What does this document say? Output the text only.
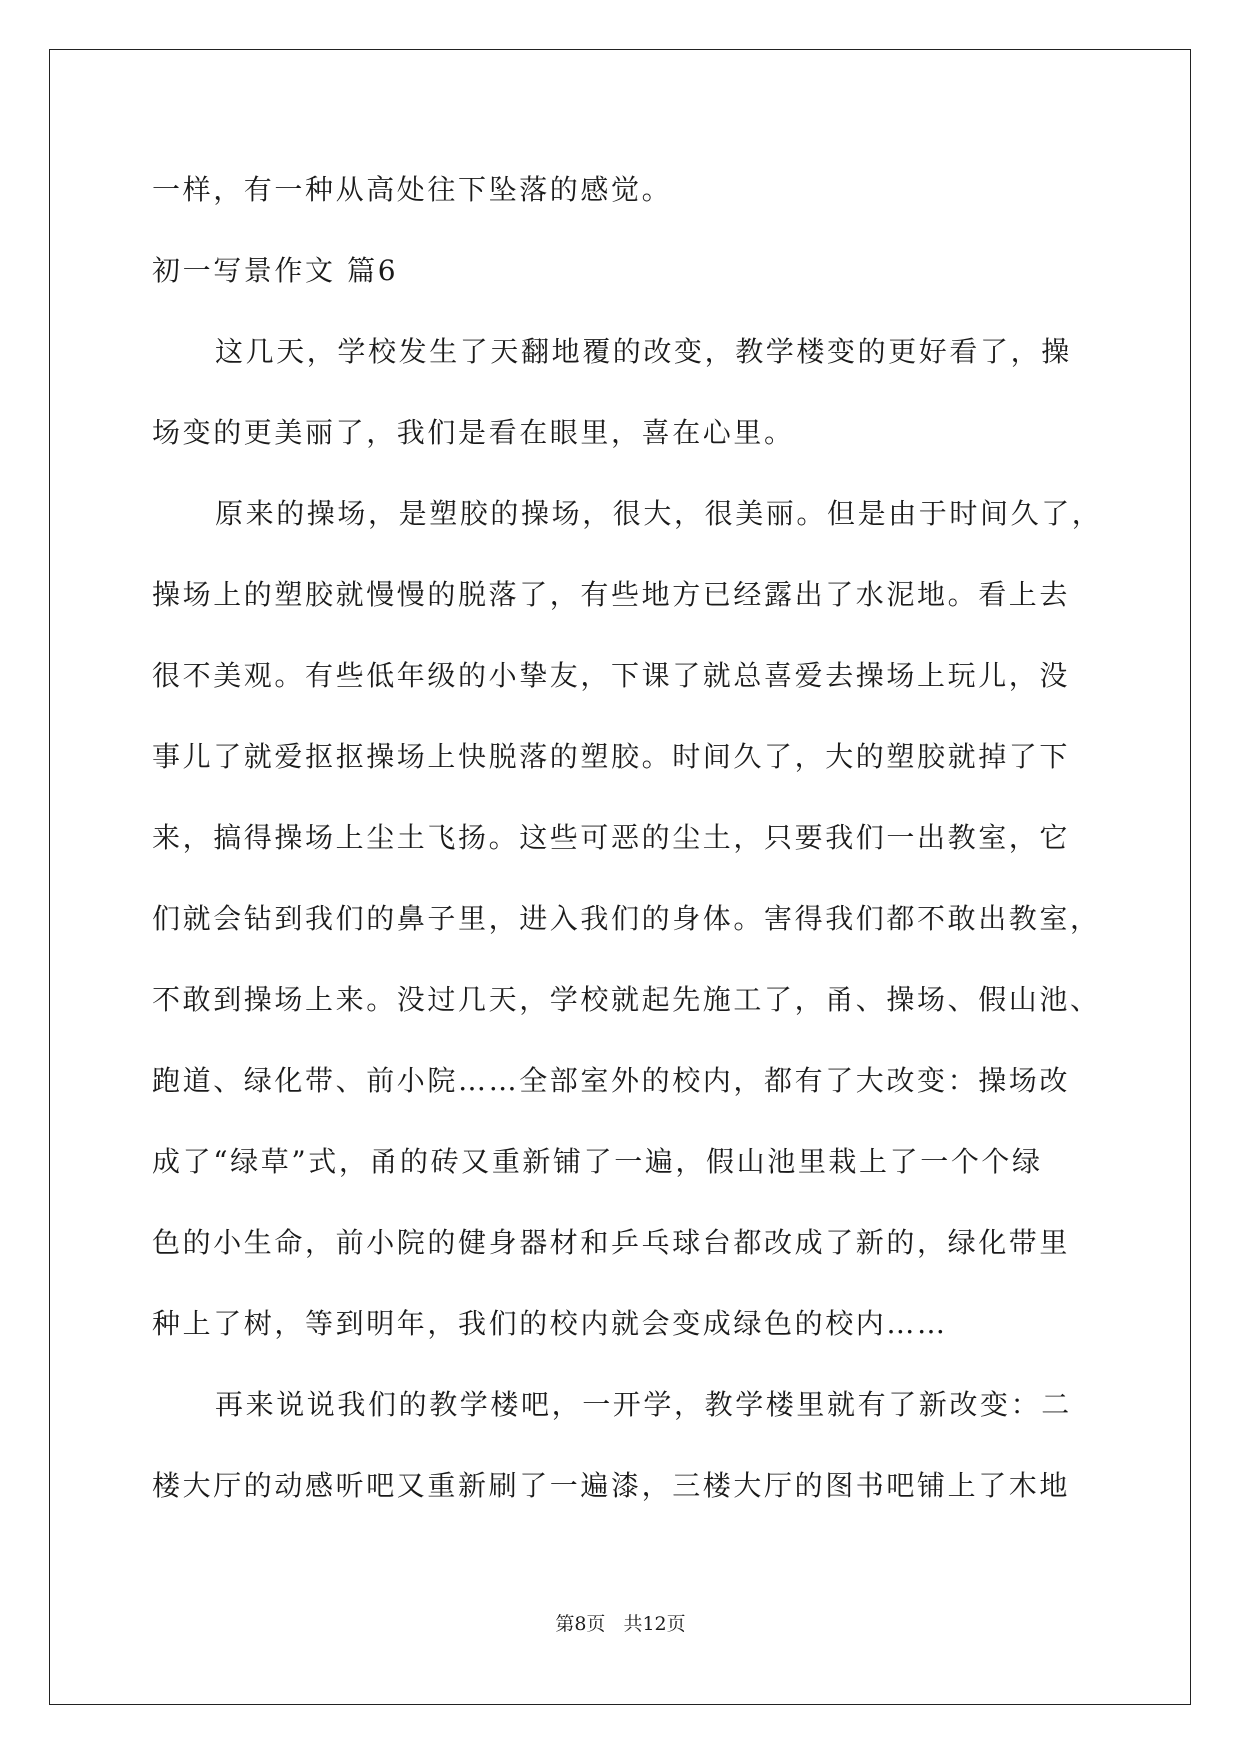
一样，有一种从高处往下坠落的感觉。
初一写景作文 篇6
这几天，学校发生了天翻地覆的改变，教学楼变的更好看了，操
场变的更美丽了，我们是看在眼里，喜在心里。
原来的操场，是塑胶的操场，很大，很美丽。但是由于时间久了，
操场上的塑胶就慢慢的脱落了，有些地方已经露出了水泥地。看上去
很不美观。有些低年级的小挚友，下课了就总喜爱去操场上玩儿，没
事儿了就爱抠抠操场上快脱落的塑胶。时间久了，大的塑胶就掉了下
来，搞得操场上尘土飞扬。这些可恶的尘土，只要我们一出教室，它
们就会钻到我们的鼻子里，进入我们的身体。害得我们都不敢出教室，
不敢到操场上来。没过几天，学校就起先施工了，甬、操场、假山池、
跑道、绿化带、前小院……全部室外的校内，都有了大改变：操场改
成了“绿草”式，甬的砖又重新铺了一遍，假山池里栽上了一个个绿
色的小生命，前小院的健身器材和乒乓球台都改成了新的，绿化带里
种上了树，等到明年，我们的校内就会变成绿色的校内……
再来说说我们的教学楼吧，一开学，教学楼里就有了新改变：二
楼大厅的动感听吧又重新刷了一遍漆，三楼大厅的图书吧铺上了木地
第8页 共12页
